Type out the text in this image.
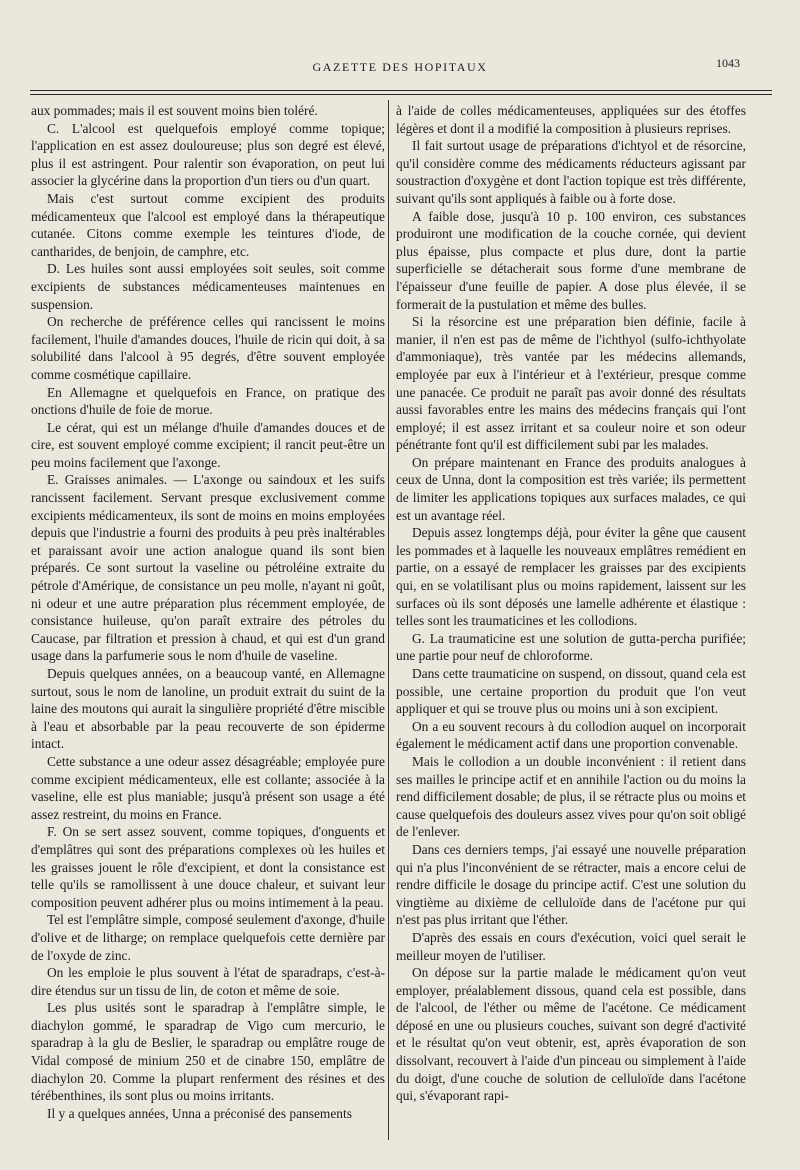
GAZETTE DES HOPITAUX	1043

aux pommades; mais il est souvent moins bien toléré.

C. L'alcool est quelquefois employé comme topique; l'application en est assez douloureuse; plus son degré est élevé, plus il est astringent. Pour ralentir son évaporation, on peut lui associer la glycérine dans la proportion d'un tiers ou d'un quart.

Mais c'est surtout comme excipient des produits médicamenteux que l'alcool est employé dans la thérapeutique cutanée. Citons comme exemple les teintures d'iode, de cantharides, de benjoin, de camphre, etc.

D. Les huiles sont aussi employées soit seules, soit comme excipients de substances médicamenteuses maintenues en suspension.

On recherche de préférence celles qui rancissent le moins facilement, l'huile d'amandes douces, l'huile de ricin qui doit, à sa solubilité dans l'alcool à 95 degrés, d'être souvent employée comme cosmétique capillaire.

En Allemagne et quelquefois en France, on pratique des onctions d'huile de foie de morue.

Le cérat, qui est un mélange d'huile d'amandes douces et de cire, est souvent employé comme excipient; il rancit peut-être un peu moins facilement que l'axonge.

E. Graisses animales. — L'axonge ou saindoux et les suifs rancissent facilement. Servant presque exclusivement comme excipients médicamenteux, ils sont de moins en moins employées depuis que l'industrie a fourni des produits à peu près inaltérables et paraissant avoir une action analogue quand ils sont bien préparés. Ce sont surtout la vaseline ou pétroléine extraite du pétrole d'Amérique, de consistance un peu molle, n'ayant ni goût, ni odeur et une autre préparation plus récemment employée, de consistance huileuse, qu'on paraît extraire des pétroles du Caucase, par filtration et pression à chaud, et qui est d'un grand usage dans la parfumerie sous le nom d'huile de vaseline.

Depuis quelques années, on a beaucoup vanté, en Allemagne surtout, sous le nom de lanoline, un produit extrait du suint de la laine des moutons qui aurait la singulière propriété d'être miscible à l'eau et absorbable par la peau recouverte de son épiderme intact.

Cette substance a une odeur assez désagréable; employée pure comme excipient médicamenteux, elle est collante; associée à la vaseline, elle est plus maniable; jusqu'à présent son usage a été assez restreint, du moins en France.

F. On se sert assez souvent, comme topiques, d'onguents et d'emplâtres qui sont des préparations complexes où les huiles et les graisses jouent le rôle d'excipient, et dont la consistance est telle qu'ils se ramollissent à une douce chaleur, et suivant leur composition peuvent adhérer plus ou moins intimement à la peau.

Tel est l'emplâtre simple, composé seulement d'axonge, d'huile d'olive et de litharge; on remplace quelquefois cette dernière par de l'oxyde de zinc.

On les emploie le plus souvent à l'état de sparadraps, c'est-à-dire étendus sur un tissu de lin, de coton et même de soie.

Les plus usités sont le sparadrap à l'emplâtre simple, le diachylon gommé, le sparadrap de Vigo cum mercurio, le sparadrap à la glu de Beslier, le sparadrap ou emplâtre rouge de Vidal composé de minium 250 et de cinabre 150, emplâtre de diachylon 20. Comme la plupart renferment des résines et des térébenthines, ils sont plus ou moins irritants.

Il y a quelques années, Unna a préconisé des pansements

à l'aide de colles médicamenteuses, appliquées sur des étoffes légères et dont il a modifié la composition à plusieurs reprises.

Il fait surtout usage de préparations d'ichtyol et de résorcine, qu'il considère comme des médicaments réducteurs agissant par soustraction d'oxygène et dont l'action topique est très différente, suivant qu'ils sont appliqués à faible ou à forte dose.

A faible dose, jusqu'à 10 p. 100 environ, ces substances produiront une modification de la couche cornée, qui devient plus épaisse, plus compacte et plus dure, dont la partie superficielle se détacherait sous forme d'une membrane de l'épaisseur d'une feuille de papier. A dose plus élevée, il se formerait de la pustulation et même des bulles.

Si la résorcine est une préparation bien définie, facile à manier, il n'en est pas de même de l'ichthyol (sulfo-ichthyolate d'ammoniaque), très vantée par les médecins allemands, employée par eux à l'intérieur et à l'extérieur, presque comme une panacée. Ce produit ne paraît pas avoir donné des résultats aussi favorables entre les mains des médecins français qui l'ont employé; il est assez irritant et sa couleur noire et son odeur pénétrante font qu'il est difficilement subi par les malades.

On prépare maintenant en France des produits analogues à ceux de Unna, dont la composition est très variée; ils permettent de limiter les applications topiques aux surfaces malades, ce qui est un avantage réel.

Depuis assez longtemps déjà, pour éviter la gêne que causent les pommades et à laquelle les nouveaux emplâtres remédient en partie, on a essayé de remplacer les graisses par des excipients qui, en se volatilisant plus ou moins rapidement, laissent sur les surfaces où ils sont déposés une lamelle adhérente et élastique : telles sont les traumaticines et les collodions.

G. La traumaticine est une solution de gutta-percha purifiée; une partie pour neuf de chloroforme.

Dans cette traumaticine on suspend, on dissout, quand cela est possible, une certaine proportion du produit que l'on veut appliquer et qui se trouve plus ou moins uni à son excipient.

On a eu souvent recours à du collodion auquel on incorporait également le médicament actif dans une proportion convenable.

Mais le collodion a un double inconvénient : il retient dans ses mailles le principe actif et en annihile l'action ou du moins la rend difficilement dosable; de plus, il se rétracte plus ou moins et cause quelquefois des douleurs assez vives pour qu'on soit obligé de l'enlever.

Dans ces derniers temps, j'ai essayé une nouvelle préparation qui n'a plus l'inconvénient de se rétracter, mais a encore celui de rendre difficile le dosage du principe actif. C'est une solution du vingtième au dixième de celluloïde dans de l'acétone pur qui n'est pas plus irritant que l'éther.

D'après des essais en cours d'exécution, voici quel serait le meilleur moyen de l'utiliser.

On dépose sur la partie malade le médicament qu'on veut employer, préalablement dissous, quand cela est possible, dans de l'alcool, de l'éther ou même de l'acétone. Ce médicament déposé en une ou plusieurs couches, suivant son degré d'activité et le résultat qu'on veut obtenir, est, après évaporation de son dissolvant, recouvert à l'aide d'un pinceau ou simplement à l'aide du doigt, d'une couche de solution de celluloïde dans l'acétone qui, s'évaporant rapi-
